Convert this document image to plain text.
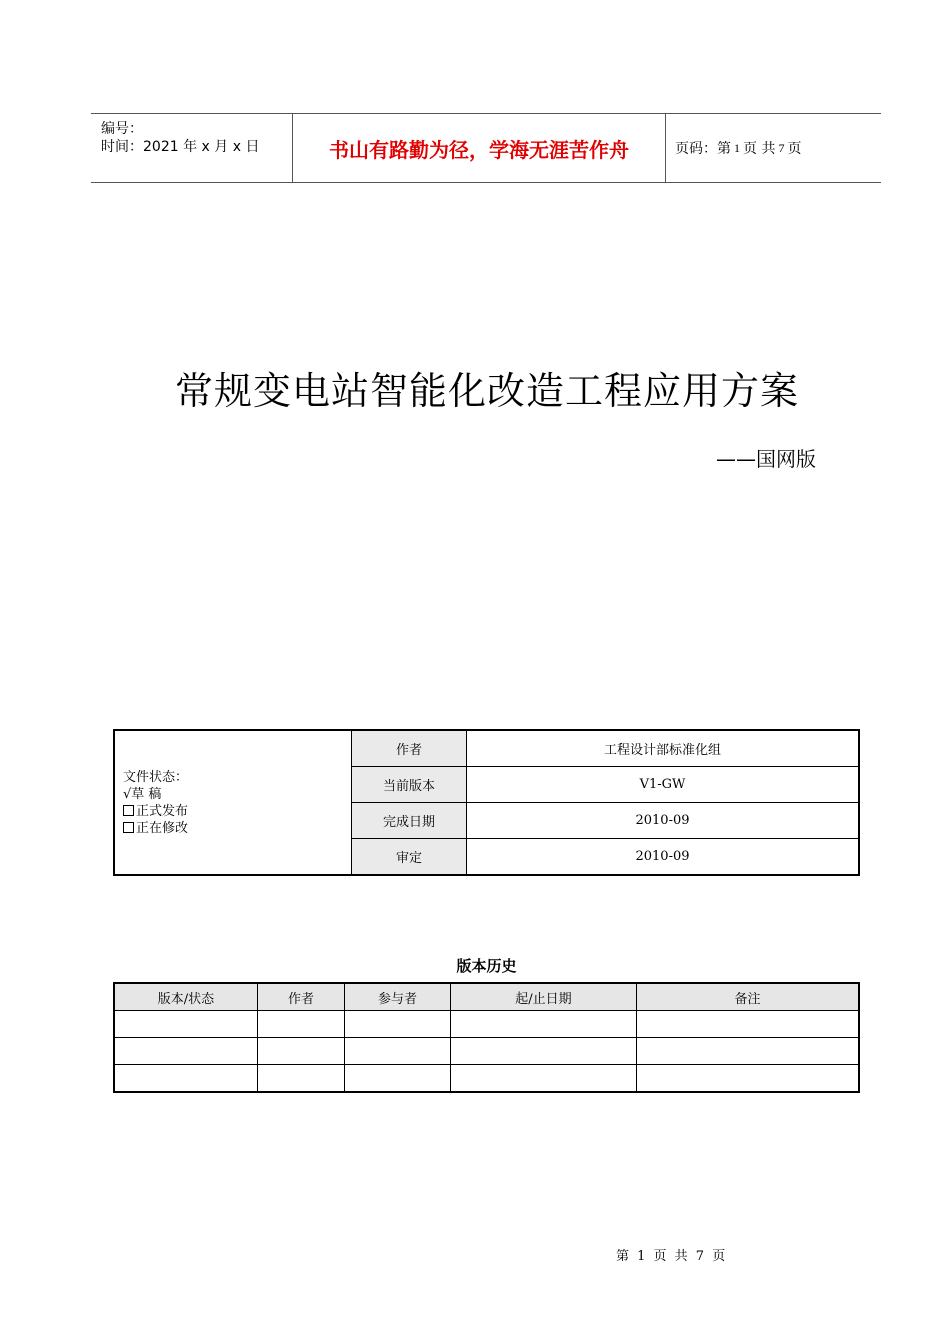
编号：
时间：2021 年 x 月 x 日	书山有路勤为径，学海无涯苦作舟	页码：第 1 页 共 7 页
常规变电站智能化改造工程应用方案
——国网版
文件状态：
√草 稿
正式发布
正在修改	作者	工程设计部标准化组
	当前版本	V1-GW
	完成日期	2010-09
	审定	2010-09
版本历史
版本/状态	作者	参与者	起/止日期	备注

第 1 页 共 7 页
